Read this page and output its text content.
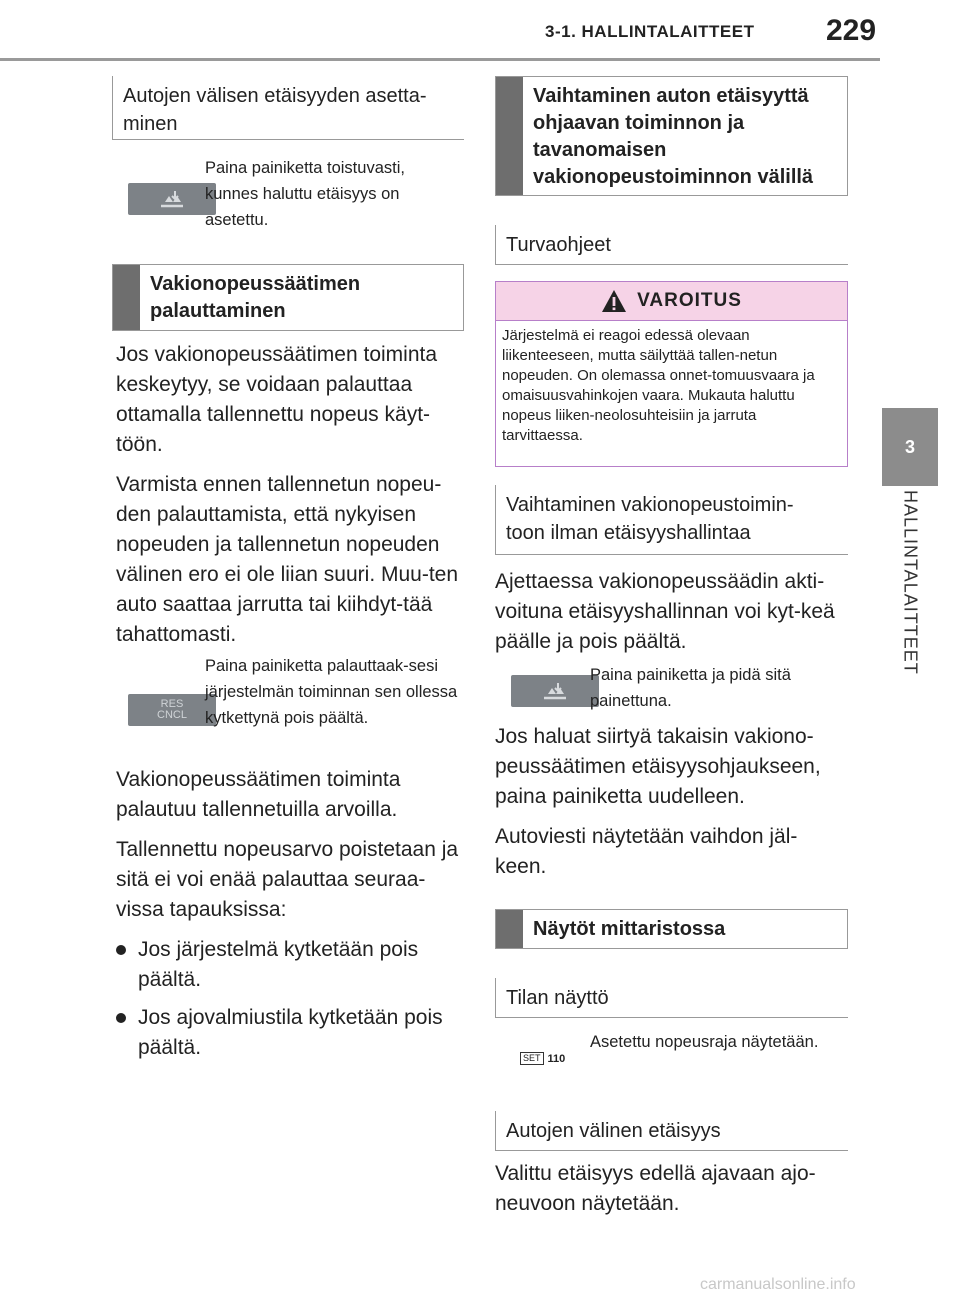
3-1. HALLINTALAITTEET 229
3
HALLINTALAITTEET
Autojen välisen etäisyyden asetta-
minen
Paina painiketta toistuvasti, kunnes haluttu etäisyys on asetettu.
Vakionopeussäätimen palauttaminen

Jos vakionopeussäätimen toiminta keskeytyy, se voidaan palauttaa ottamalla tallennettu nopeus käyt-töön.

Varmista ennen tallennetun nopeu-den palauttamista, että nykyisen nopeuden ja tallennetun nopeuden välinen ero ei ole liian suuri. Muu-ten auto saattaa jarrutta tai kiihdyt-tää tahattomasti.

RES
CNCL
Paina painiketta palauttaak-sesi järjestelmän toiminnan sen ollessa kytkettynä pois päältä.

Vakionopeussäätimen toiminta palautuu tallennetuilla arvoilla.

Tallennettu nopeusarvo poistetaan ja sitä ei voi enää palauttaa seuraa-vissa tapauksissa:

Jos järjestelmä kytketään pois päältä.
Jos ajovalmiustila kytketään pois päältä.
Vaihtaminen auton etäisyyttä ohjaavan toiminnon ja tavanomaisen vakionopeustoiminnon välillä
Turvaohjeet
VAROITUS
Järjestelmä ei reagoi edessä olevaan liikenteeseen, mutta säilyttää tallen-netun nopeuden. On olemassa onnet-tomuusvaara ja omaisuusvahinkojen vaara. Mukauta haluttu nopeus liiken-neolosuhteisiin ja jarruta tarvittaessa.
Vaihtaminen vakionopeustoimin-
toon ilman etäisyyshallintaa
Ajettaessa vakionopeussäädin akti-voituna etäisyyshallinnan voi kyt-keä päälle ja pois päältä.
Paina painiketta ja pidä sitä painettuna.

Jos haluat siirtyä takaisin vakiono-peussäätimen etäisyysohjaukseen, paina painiketta uudelleen.

Autoviesti näytetään vaihdon jäl-keen.

Näytöt mittaristossa
Tilan näyttö
SET 110
Asetettu nopeusraja näytetään.
Autojen välinen etäisyys
Valittu etäisyys edellä ajavaan ajo-neuvoon näytetään.
carmanualsonline.info
